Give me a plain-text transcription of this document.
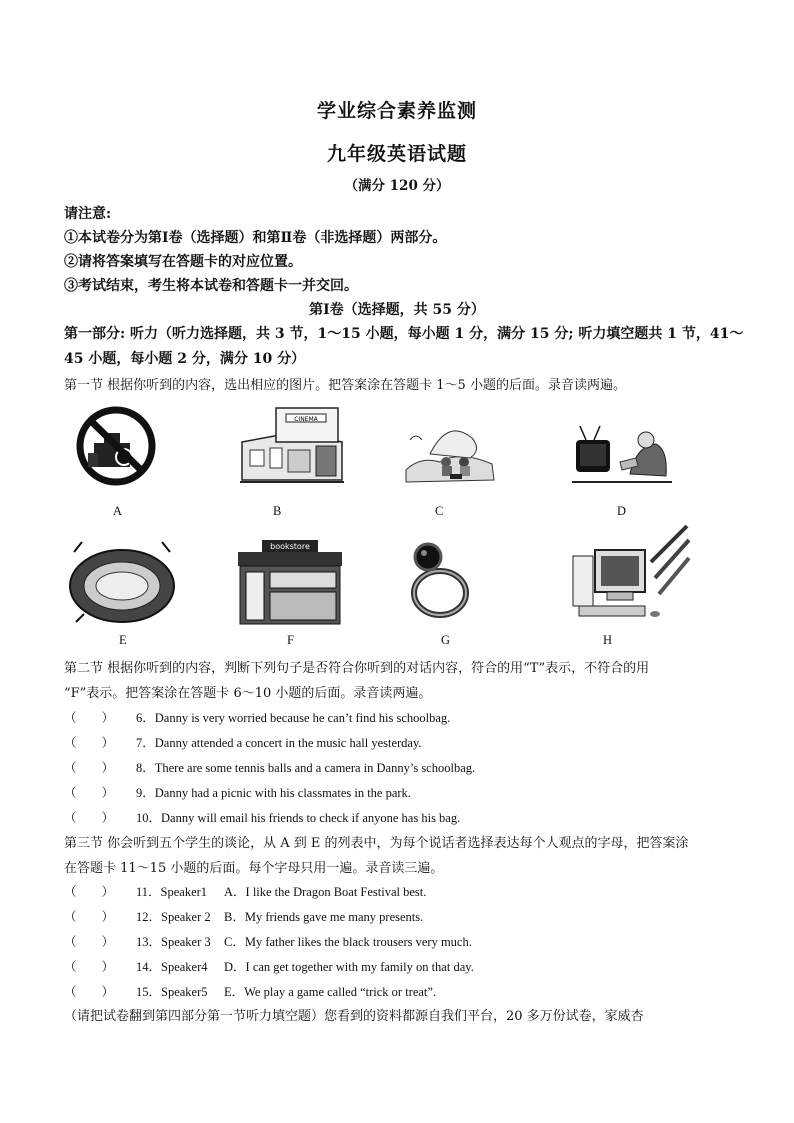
学业综合素养监测
九年级英语试题
（满分 120 分）
请注意:
①本试卷分为第Ⅰ卷（选择题）和第Ⅱ卷（非选择题）两部分。
②请将答案填写在答题卡的对应位置。
③考试结束，考生将本试卷和答题卡一并交回。
第Ⅰ卷（选择题，共 55 分）
第一部分: 听力（听力选择题，共 3 节，1～15 小题，每小题 1 分，满分 15 分; 听力填空题共 1 节，41～45 小题，每小题 2 分，满分 10 分）
第一节 根据你听到的内容，选出相应的图片。把答案涂在答题卡 1～5 小题的后面。录音读两遍。
A
CINEMA
B	C	D
E
bookstore
F	G	H
第二节 根据你听到的内容，判断下列句子是否符合你听到的对话内容，符合的用“T”表示，不符合的用
“F”表示。把答案涂在答题卡 6～10 小题的后面。录音读两遍。
（　　） 6．Danny is very worried because he can’t find his schoolbag.
（　　） 7．Danny attended a concert in the music hall yesterday.
（　　） 8．There are some tennis balls and a camera in Danny’s schoolbag.
（　　） 9．Danny had a picnic with his classmates in the park.
（　　） 10．Danny will email his friends to check if anyone has his bag.
第三节 你会听到五个学生的谈论，从 A 到 E 的列表中，为每个说话者选择表达每个人观点的字母，把答案涂
在答题卡 11～15 小题的后面。每个字母只用一遍。录音读三遍。
（　　） 11．Speaker1 A．I like the Dragon Boat Festival best.
（　　） 12．Speaker 2 B．My friends gave me many presents.
（　　） 13．Speaker 3 C．My father likes the black trousers very much.
（　　） 14．Speaker4 D．I can get together with my family on that day.
（　　） 15．Speaker5 E．We play a game called “trick or treat”.
（请把试卷翻到第四部分第一节听力填空题）您看到的资料都源自我们平台，20 多万份试卷，家威杏
